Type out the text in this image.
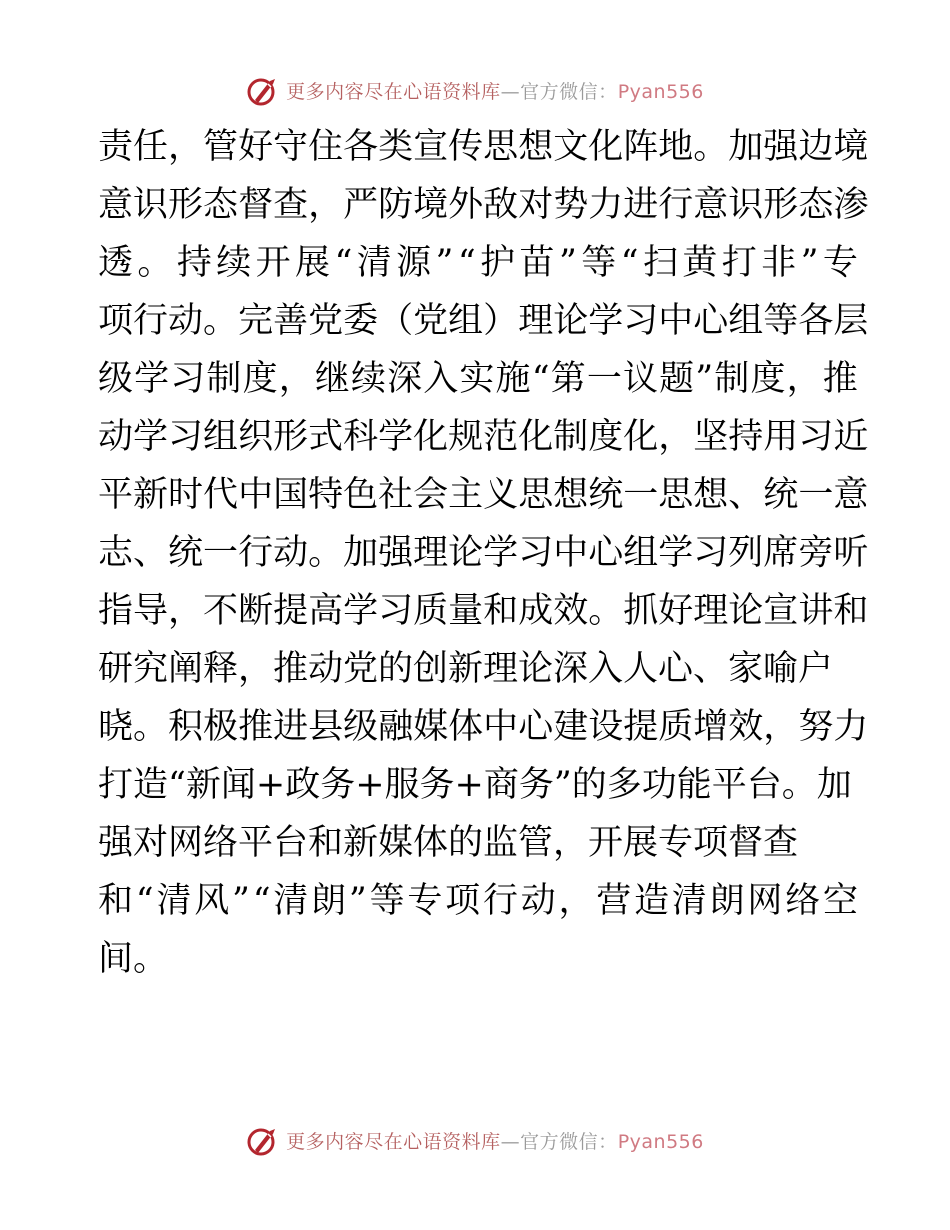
更多内容尽在心语资料库—官方微信：Pyan556
责 任 ， 管 好 守 住 各 类 宣 传 思 想 文 化 阵 地 。 加 强 边 境
意 识 形 态 督 查 ， 严 防 境 外 敌 对 势 力 进 行 意 识 形 态 渗
透 。 持 续 开 展 “ 清 源 ” “ 护 苗 ” 等 “ 扫 黄 打 非 ” 专
项 行 动 。 完 善 党 委 （ 党 组 ） 理 论 学 习 中 心 组 等 各 层
级 学 习 制 度 ， 继 续 深 入 实 施 “ 第 一 议 题 ” 制 度 ， 推
动 学 习 组 织 形 式 科 学 化 规 范 化 制 度 化 ， 坚 持 用 习 近
平 新 时 代 中 国 特 色 社 会 主 义 思 想 统 一 思 想 、 统 一 意
志 、 统 一 行 动 。 加 强 理 论 学 习 中 心 组 学 习 列 席 旁 听
指 导 ， 不 断 提 高 学 习 质 量 和 成 效 。 抓 好 理 论 宣 讲 和
研究阐释，推动党的创新理论深入人心、家喻户
晓 。 积 极 推 进 县 级 融 媒 体 中 心 建 设 提 质 增 效 ， 努 力
打造“新闻+政务+服务+商务”的多功能平台。加
强对网络平台和新媒体的监管，开展专项督查
和 “ 清 风 ” “ 清 朗 ” 等 专 项 行 动 ， 营 造 清 朗 网 络 空
间。
更多内容尽在心语资料库—官方微信：Pyan556
